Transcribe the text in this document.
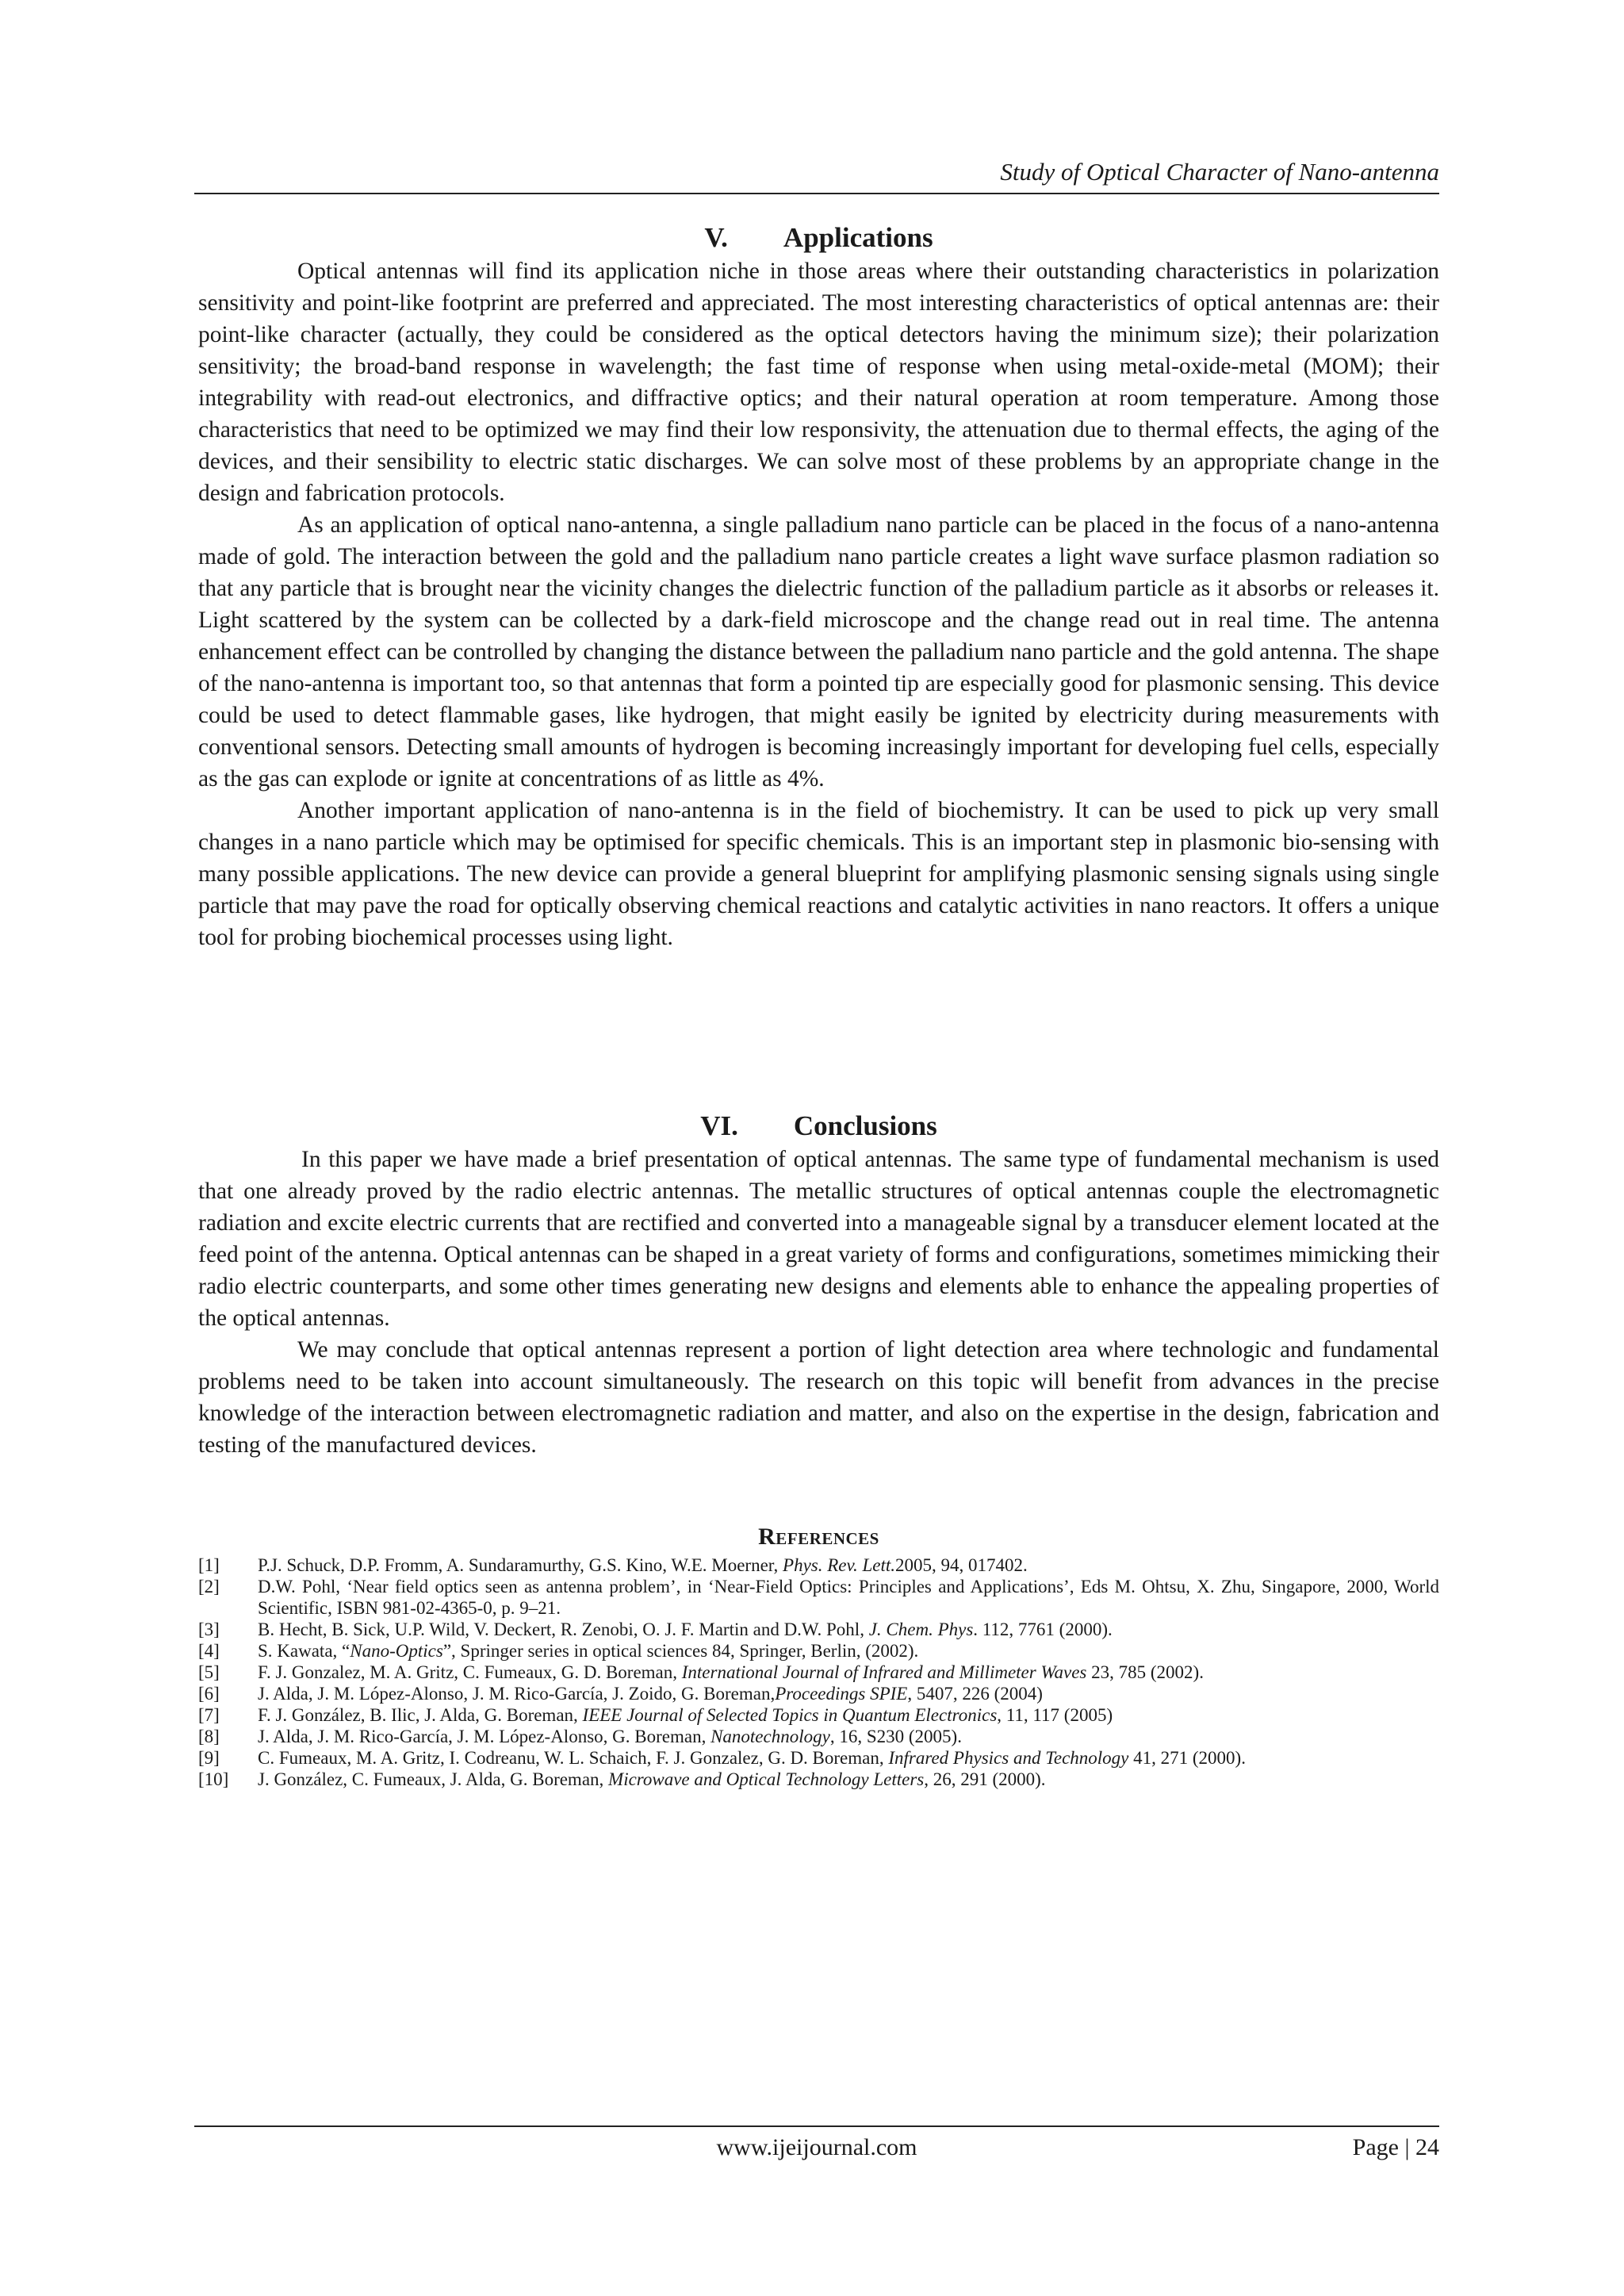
Study of Optical Character of Nano-antenna
V. Applications

Optical antennas will find its application niche in those areas where their outstanding characteristics in polarization sensitivity and point-like footprint are preferred and appreciated. The most interesting characteristics of optical antennas are: their point-like character (actually, they could be considered as the optical detectors having the minimum size); their polarization sensitivity; the broad-band response in wavelength; the fast time of response when using metal-oxide-metal (MOM); their integrability with read-out electronics, and diffractive optics; and their natural operation at room temperature. Among those characteristics that need to be optimized we may find their low responsivity, the attenuation due to thermal effects, the aging of the devices, and their sensibility to electric static discharges. We can solve most of these problems by an appropriate change in the design and fabrication protocols.

As an application of optical nano-antenna, a single palladium nano particle can be placed in the focus of a nano-antenna made of gold. The interaction between the gold and the palladium nano particle creates a light wave surface plasmon radiation so that any particle that is brought near the vicinity changes the dielectric function of the palladium particle as it absorbs or releases it. Light scattered by the system can be collected by a dark-field microscope and the change read out in real time. The antenna enhancement effect can be controlled by changing the distance between the palladium nano particle and the gold antenna. The shape of the nano-antenna is important too, so that antennas that form a pointed tip are especially good for plasmonic sensing. This device could be used to detect flammable gases, like hydrogen, that might easily be ignited by electricity during measurements with conventional sensors. Detecting small amounts of hydrogen is becoming increasingly important for developing fuel cells, especially as the gas can explode or ignite at concentrations of as little as 4%.

Another important application of nano-antenna is in the field of biochemistry. It can be used to pick up very small changes in a nano particle which may be optimised for specific chemicals. This is an important step in plasmonic bio-sensing with many possible applications. The new device can provide a general blueprint for amplifying plasmonic sensing signals using single particle that may pave the road for optically observing chemical reactions and catalytic activities in nano reactors. It offers a unique tool for probing biochemical processes using light.

VI. Conclusions

In this paper we have made a brief presentation of optical antennas. The same type of fundamental mechanism is used that one already proved by the radio electric antennas. The metallic structures of optical antennas couple the electromagnetic radiation and excite electric currents that are rectified and converted into a manageable signal by a transducer element located at the feed point of the antenna. Optical antennas can be shaped in a great variety of forms and configurations, sometimes mimicking their radio electric counterparts, and some other times generating new designs and elements able to enhance the appealing properties of the optical antennas.

We may conclude that optical antennas represent a portion of light detection area where technologic and fundamental problems need to be taken into account simultaneously. The research on this topic will benefit from advances in the precise knowledge of the interaction between electromagnetic radiation and matter, and also on the expertise in the design, fabrication and testing of the manufactured devices.

References
[1]	P.J. Schuck, D.P. Fromm, A. Sundaramurthy, G.S. Kino, W.E. Moerner, Phys. Rev. Lett.2005, 94, 017402.
[2]	D.W. Pohl, ‘Near field optics seen as antenna problem’, in ‘Near-Field Optics: Principles and Applications’, Eds M. Ohtsu, X. Zhu, Singapore, 2000, World Scientific, ISBN 981-02-4365-0, p. 9–21.
[3]	B. Hecht, B. Sick, U.P. Wild, V. Deckert, R. Zenobi, O. J. F. Martin and D.W. Pohl, J. Chem. Phys. 112, 7761 (2000).
[4]	S. Kawata, “Nano-Optics”, Springer series in optical sciences 84, Springer, Berlin, (2002).
[5]	F. J. Gonzalez, M. A. Gritz, C. Fumeaux, G. D. Boreman, International Journal of Infrared and Millimeter Waves 23, 785 (2002).
[6]	J. Alda, J. M. López-Alonso, J. M. Rico-García, J. Zoido, G. Boreman,Proceedings SPIE, 5407, 226 (2004)
[7]	F. J. González, B. Ilic, J. Alda, G. Boreman, IEEE Journal of Selected Topics in Quantum Electronics, 11, 117 (2005)
[8]	J. Alda, J. M. Rico-García, J. M. López-Alonso, G. Boreman, Nanotechnology, 16, S230 (2005).
[9]	C. Fumeaux, M. A. Gritz, I. Codreanu, W. L. Schaich, F. J. Gonzalez, G. D. Boreman, Infrared Physics and Technology 41, 271 (2000).
[10]	J. González, C. Fumeaux, J. Alda, G. Boreman, Microwave and Optical Technology Letters, 26, 291 (2000).
www.ijeijournal.com	Page | 24
